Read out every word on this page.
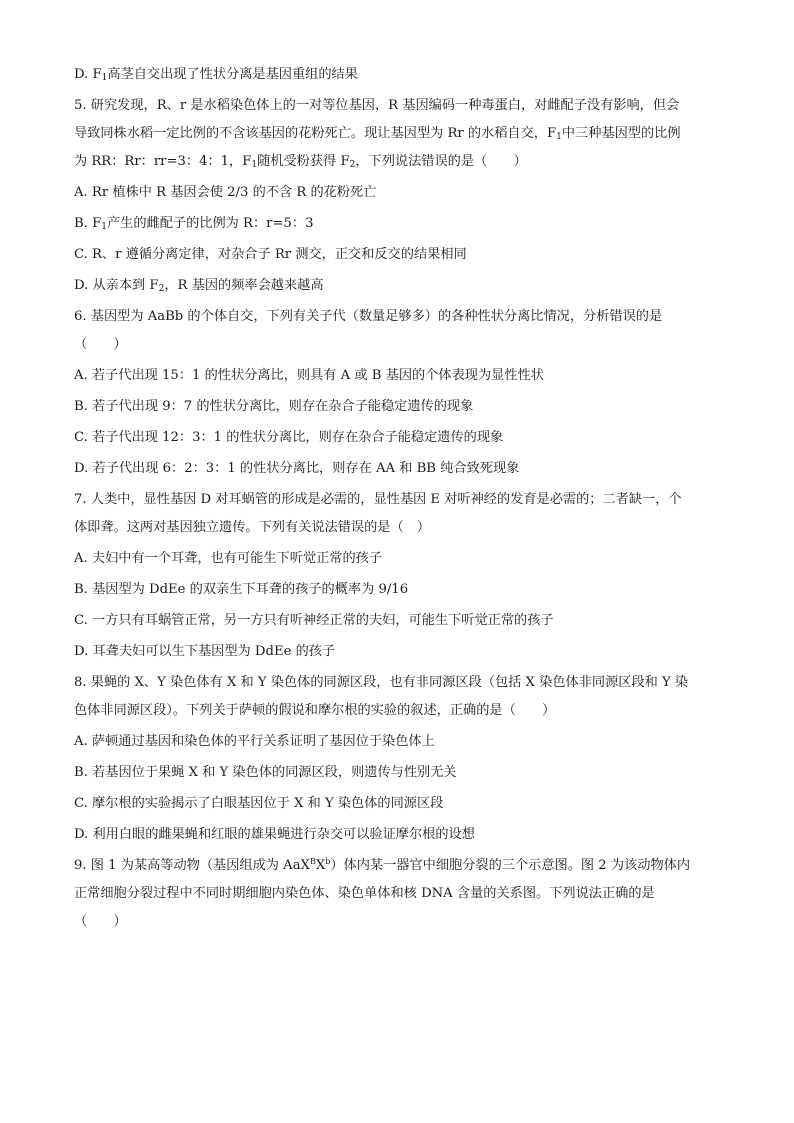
D. $F_1$高茎自交出现了性状分离是基因重组的结果
5. 研究发现，R、r 是水稻染色体上的一对等位基因，R 基因编码一种毒蛋白，对雌配子没有影响，但会
导致同株水稻一定比例的不含该基因的花粉死亡。现让基因型为 Rr 的水稻自交，$F_1$中三种基因型的比例
为 RR：Rr：rr=3：4：1，$F_1$随机受粉获得 $F_2$，下列说法错误的是（　　）
A. Rr 植株中 R 基因会使 2/3 的不含 R 的花粉死亡
B. $F_1$产生的雌配子的比例为 R：r=5：3
C. R、r 遵循分离定律，对杂合子 Rr 测交，正交和反交的结果相同
D. 从亲本到 $F_2$，R 基因的频率会越来越高
6. 基因型为 AaBb 的个体自交，下列有关子代（数量足够多）的各种性状分离比情况，分析错误的是
（　　）
A. 若子代出现 15：1 的性状分离比，则具有 A 或 B 基因的个体表现为显性性状
B. 若子代出现 9：7 的性状分离比，则存在杂合子能稳定遗传的现象
C. 若子代出现 12：3：1 的性状分离比，则存在杂合子能稳定遗传的现象
D. 若子代出现 6：2：3：1 的性状分离比，则存在 AA 和 BB 纯合致死现象
7. 人类中，显性基因 D 对耳蜗管的形成是必需的，显性基因 E 对听神经的发育是必需的；二者缺一，个
体即聋。这两对基因独立遗传。下列有关说法错误的是（　）
A. 夫妇中有一个耳聋，也有可能生下听觉正常的孩子
B. 基因型为 DdEe 的双亲生下耳聋的孩子的概率为 9/16
C. 一方只有耳蜗管正常，另一方只有听神经正常的夫妇，可能生下听觉正常的孩子
D. 耳聋夫妇可以生下基因型为 DdEe 的孩子
8. 果蝇的 X、Y 染色体有 X 和 Y 染色体的同源区段，也有非同源区段（包括 X 染色体非同源区段和 Y 染
色体非同源区段）。下列关于萨顿的假说和摩尔根的实验的叙述，正确的是（　　）
A. 萨顿通过基因和染色体的平行关系证明了基因位于染色体上
B. 若基因位于果蝇 X 和 Y 染色体的同源区段，则遗传与性别无关
C. 摩尔根的实验揭示了白眼基因位于 X 和 Y 染色体的同源区段
D. 利用白眼的雌果蝇和红眼的雄果蝇进行杂交可以验证摩尔根的设想
9. 图 1 为某高等动物（基因组成为 $AaX^BX^b$）体内某一器官中细胞分裂的三个示意图。图 2 为该动物体内
正常细胞分裂过程中不同时期细胞内染色体、染色单体和核 DNA 含量的关系图。下列说法正确的是
（　　）
